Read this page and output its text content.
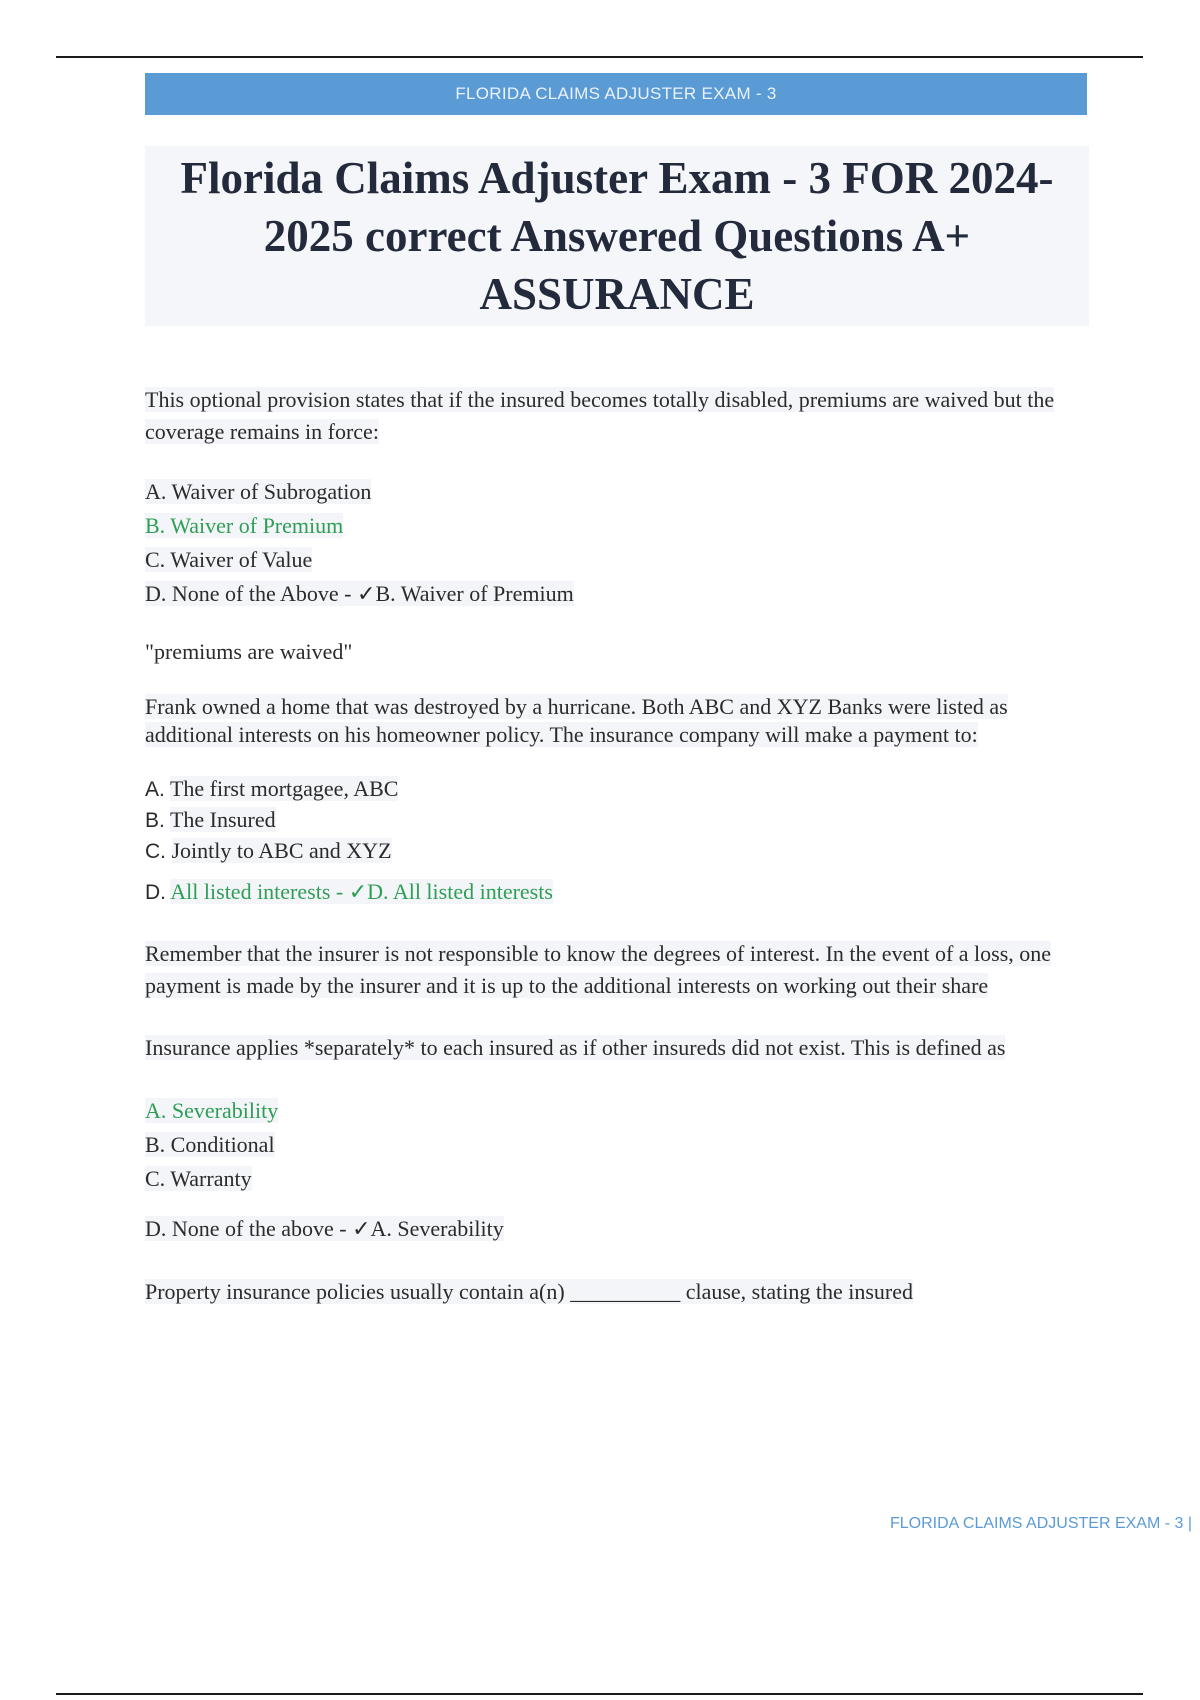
FLORIDA CLAIMS ADJUSTER EXAM - 3
Florida Claims Adjuster Exam - 3 FOR 2024-2025 correct Answered Questions A+ ASSURANCE

This optional provision states that if the insured becomes totally disabled, premiums are waived but the coverage remains in force:

A. Waiver of Subrogation

B. Waiver of Premium

C. Waiver of Value

D. None of the Above - ✓B. Waiver of Premium

"premiums are waived"

Frank owned a home that was destroyed by a hurricane. Both ABC and XYZ Banks were listed as additional interests on his homeowner policy. The insurance company will make a payment to:

A. The first mortgagee, ABC

B. The Insured

C. Jointly to ABC and XYZ

D. All listed interests - ✓D. All listed interests

Remember that the insurer is not responsible to know the degrees of interest. In the event of a loss, one payment is made by the insurer and it is up to the additional interests on working out their share

Insurance applies *separately* to each insured as if other insureds did not exist. This is defined as

A. Severability

B. Conditional

C. Warranty

D. None of the above - ✓A. Severability

Property insurance policies usually contain a(n) __________ clause, stating the insured

FLORIDA CLAIMS ADJUSTER EXAM - 3 |
